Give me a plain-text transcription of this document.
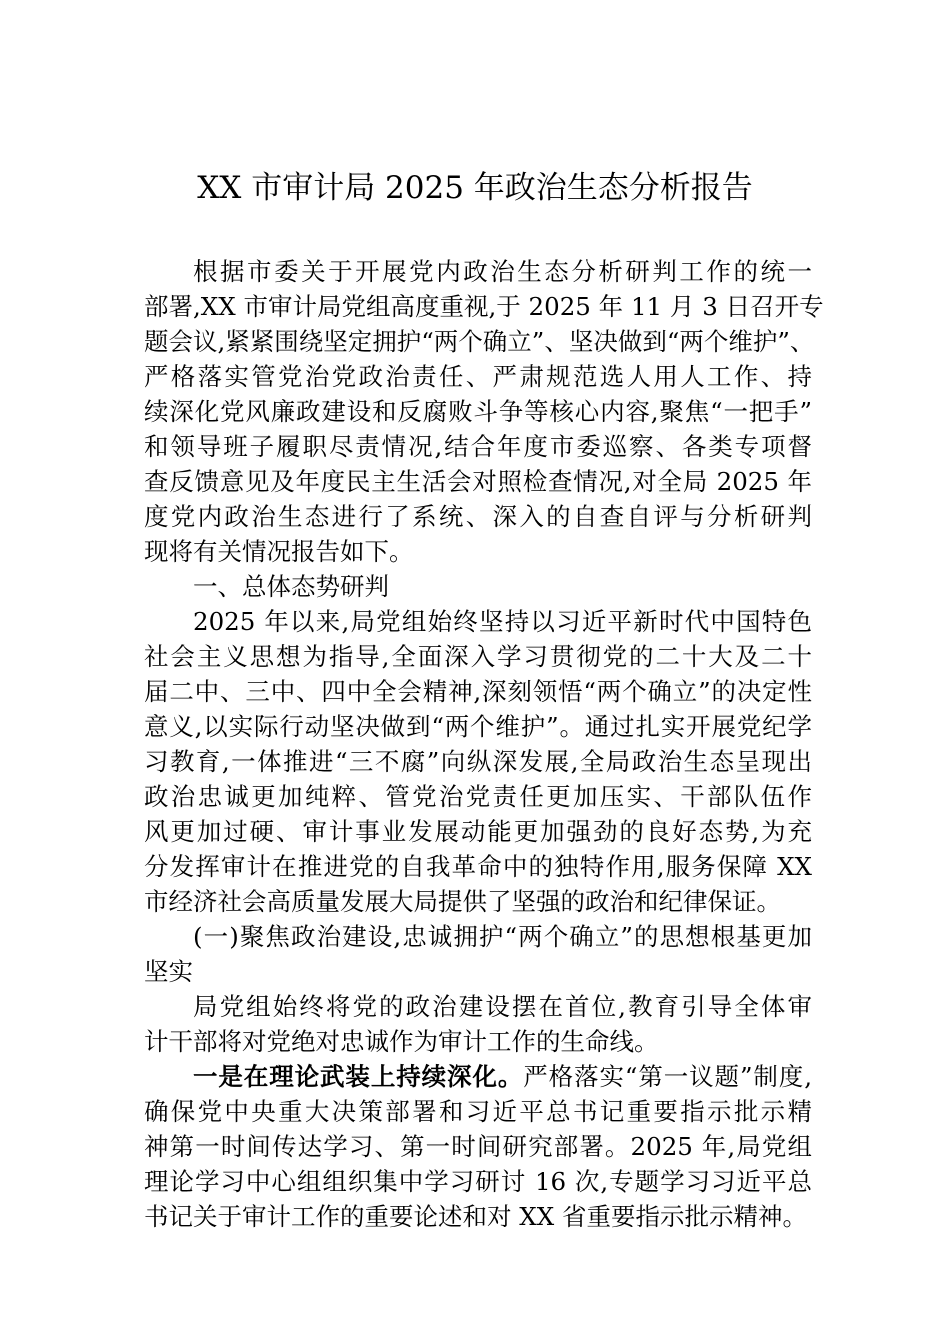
XX 市审计局 2025 年政治生态分析报告
根据市委关于开展党内政治生态分析研判工作的统一
部署,XX 市审计局党组高度重视,于 2025 年 11 月 3 日召开专
题会议,紧紧围绕坚定拥护“两个确立”、坚决做到“两个维护”、
严格落实管党治党政治责任、严肃规范选人用人工作、持
续深化党风廉政建设和反腐败斗争等核心内容,聚焦“一把手”
和领导班子履职尽责情况,结合年度市委巡察、各类专项督
查反馈意见及年度民主生活会对照检查情况,对全局 2025 年
度党内政治生态进行了系统、深入的自查自评与分析研判
现将有关情况报告如下。
一、总体态势研判
2025 年以来,局党组始终坚持以习近平新时代中国特色
社会主义思想为指导,全面深入学习贯彻党的二十大及二十
届二中、三中、四中全会精神,深刻领悟“两个确立”的决定性
意义,以实际行动坚决做到“两个维护”。通过扎实开展党纪学
习教育,一体推进“三不腐”向纵深发展,全局政治生态呈现出
政治忠诚更加纯粹、管党治党责任更加压实、干部队伍作
风更加过硬、审计事业发展动能更加强劲的良好态势,为充
分发挥审计在推进党的自我革命中的独特作用,服务保障 XX
市经济社会高质量发展大局提供了坚强的政治和纪律保证。
(一)聚焦政治建设,忠诚拥护“两个确立”的思想根基更加
坚实
局党组始终将党的政治建设摆在首位,教育引导全体审
计干部将对党绝对忠诚作为审计工作的生命线。
一是在理论武装上持续深化。严格落实“第一议题”制度,
确保党中央重大决策部署和习近平总书记重要指示批示精
神第一时间传达学习、第一时间研究部署。2025 年,局党组
理论学习中心组组织集中学习研讨 16 次,专题学习习近平总
书记关于审计工作的重要论述和对 XX 省重要指示批示精神。
